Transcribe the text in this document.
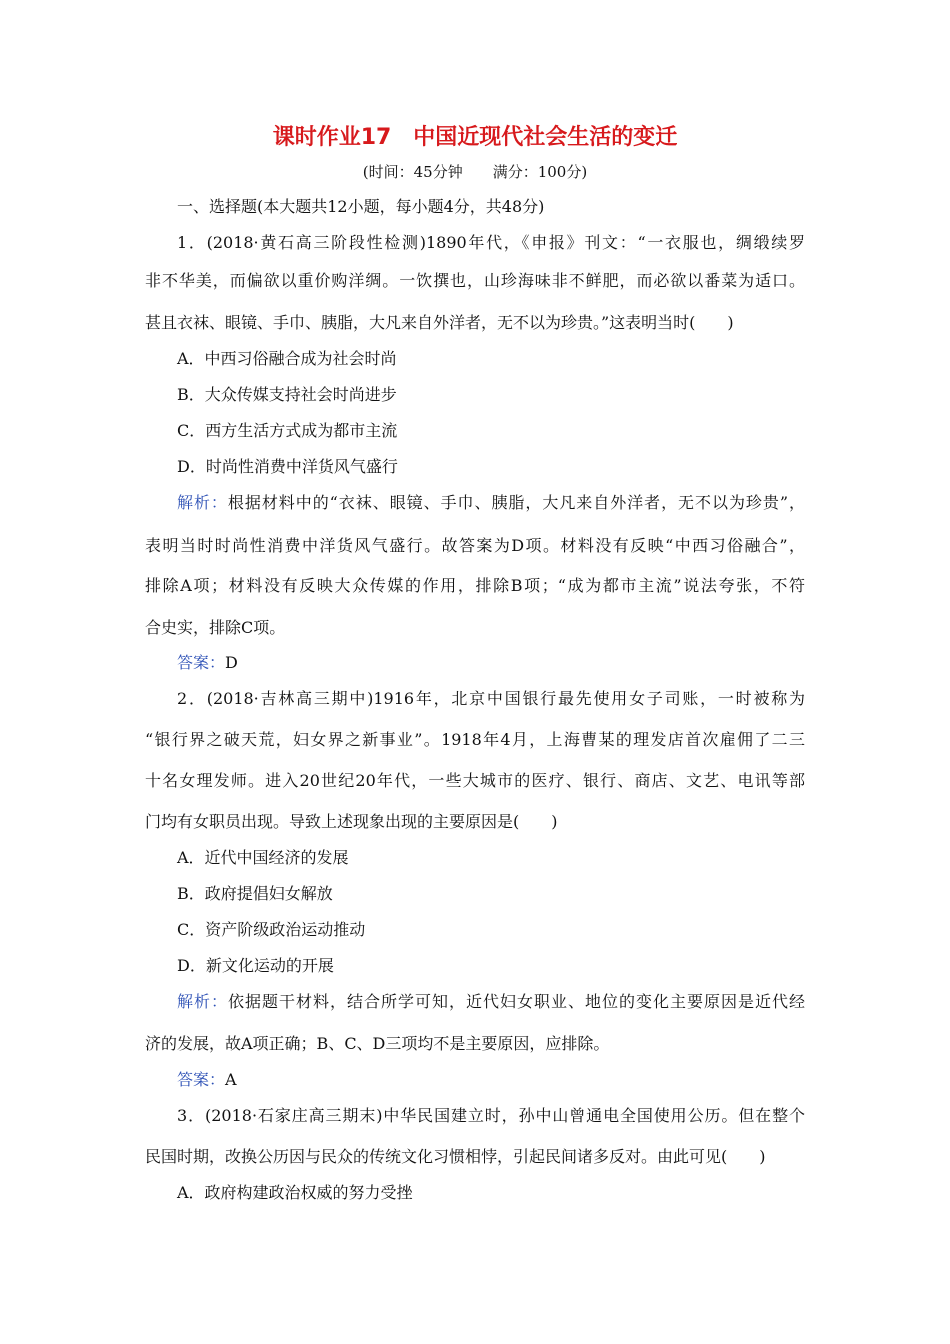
课时作业17　中国近现代社会生活的变迁
(时间：45分钟　　满分：100分)
一、选择题(本大题共12小题，每小题4分，共48分)
1．(2018·黄石高三阶段性检测)1890年代，《申报》刊文：“一衣服也，绸缎续罗
非不华美，而偏欲以重价购洋绸。一饮撰也，山珍海味非不鲜肥，而必欲以番菜为适口。
甚且衣袜、眼镜、手巾、胰脂，大凡来自外洋者，无不以为珍贵。”这表明当时(　　)
A．中西习俗融合成为社会时尚
B．大众传媒支持社会时尚进步
C．西方生活方式成为都市主流
D．时尚性消费中洋货风气盛行
解析：根据材料中的“衣袜、眼镜、手巾、胰脂，大凡来自外洋者，无不以为珍贵”，
表明当时时尚性消费中洋货风气盛行。故答案为D项。材料没有反映“中西习俗融合”，
排除A项；材料没有反映大众传媒的作用，排除B项；“成为都市主流”说法夸张，不符
合史实，排除C项。
答案：D
2．(2018·吉林高三期中)1916年，北京中国银行最先使用女子司账，一时被称为
“银行界之破天荒，妇女界之新事业”。1918年4月，上海曹某的理发店首次雇佣了二三
十名女理发师。进入20世纪20年代，一些大城市的医疗、银行、商店、文艺、电讯等部
门均有女职员出现。导致上述现象出现的主要原因是(　　)
A．近代中国经济的发展
B．政府提倡妇女解放
C．资产阶级政治运动推动
D．新文化运动的开展
解析：依据题干材料，结合所学可知，近代妇女职业、地位的变化主要原因是近代经
济的发展，故A项正确；B、C、D三项均不是主要原因，应排除。
答案：A
3．(2018·石家庄高三期末)中华民国建立时，孙中山曾通电全国使用公历。但在整个
民国时期，改换公历因与民众的传统文化习惯相悖，引起民间诸多反对。由此可见(　　)
A．政府构建政治权威的努力受挫
